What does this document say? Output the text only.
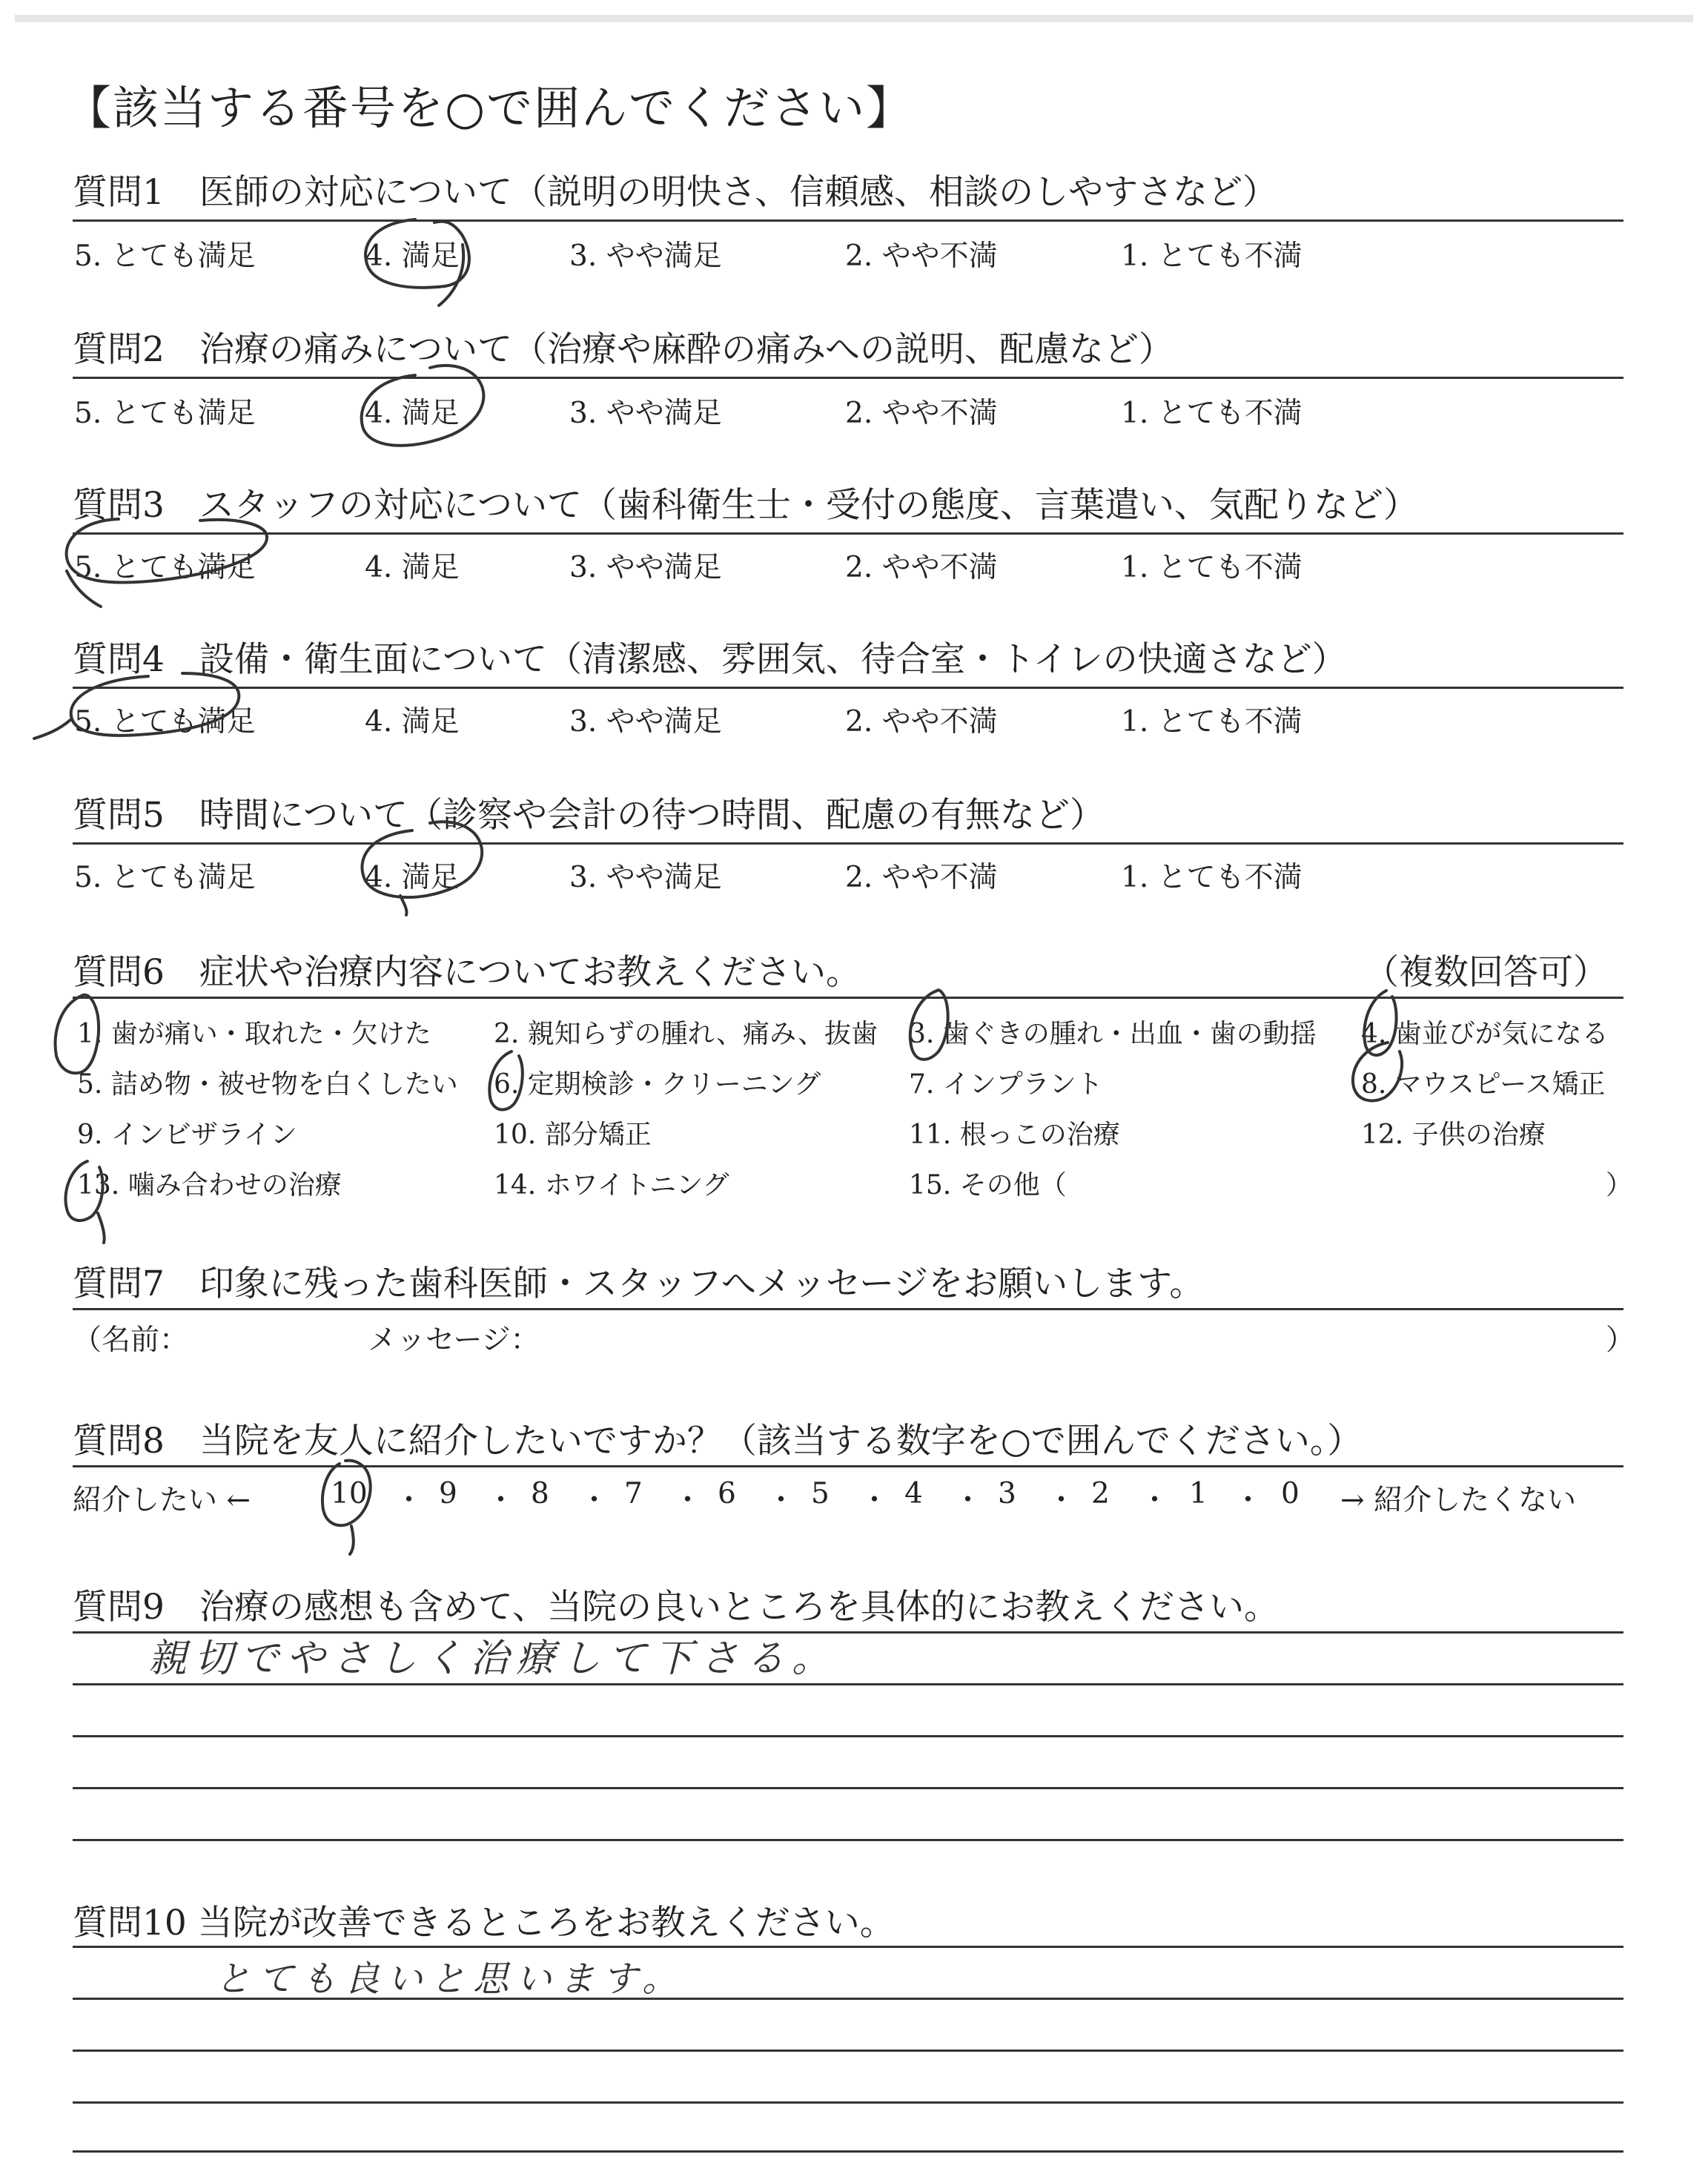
【該当する番号を○で囲んでください】
質問1　医師の対応について（説明の明快さ、信頼感、相談のしやすさなど）
5. とても満足	4. 満足	3. やや満足	2. やや不満	1. とても不満
質問2　治療の痛みについて（治療や麻酔の痛みへの説明、配慮など）
5. とても満足	4. 満足	3. やや満足	2. やや不満	1. とても不満
質問3　スタッフの対応について（歯科衛生士・受付の態度、言葉遣い、気配りなど）
5. とても満足	4. 満足	3. やや満足	2. やや不満	1. とても不満
質問4　設備・衛生面について（清潔感、雰囲気、待合室・トイレの快適さなど）
5. とても満足	4. 満足	3. やや満足	2. やや不満	1. とても不満
質問5　時間について（診察や会計の待つ時間、配慮の有無など）
5. とても満足	4. 満足	3. やや満足	2. やや不満	1. とても不満
質問6　症状や治療内容についてお教えください。	（複数回答可）
1. 歯が痛い・取れた・欠けた 2. 親知らずの腫れ、痛み、抜歯 3. 歯ぐきの腫れ・出血・歯の動揺 4. 歯並びが気になる
5. 詰め物・被せ物を白くしたい 6. 定期検診・クリーニング	7. インプラント	8. マウスピース矯正
9. インビザライン	10. 部分矯正	11. 根っこの治療	12. 子供の治療
13. 噛み合わせの治療	14. ホワイトニング	15. その他（	）
質問7　印象に残った歯科医師・スタッフへメッセージをお願いします。
（名前：	メッセージ：	）
質問8　当院を友人に紹介したいですか？（該当する数字を○で囲んでください。）
紹介したい ←	10 ・ 9 ・ 8 ・ 7 ・ 6 ・ 5 ・ 4 ・ 3 ・ 2 ・ 1 ・ 0 → 紹介したくない
質問9　治療の感想も含めて、当院の良いところを具体的にお教えください。
親切でやさしく治療して下さる。
質問10 当院が改善できるところをお教えください。
とても良いと思います。
